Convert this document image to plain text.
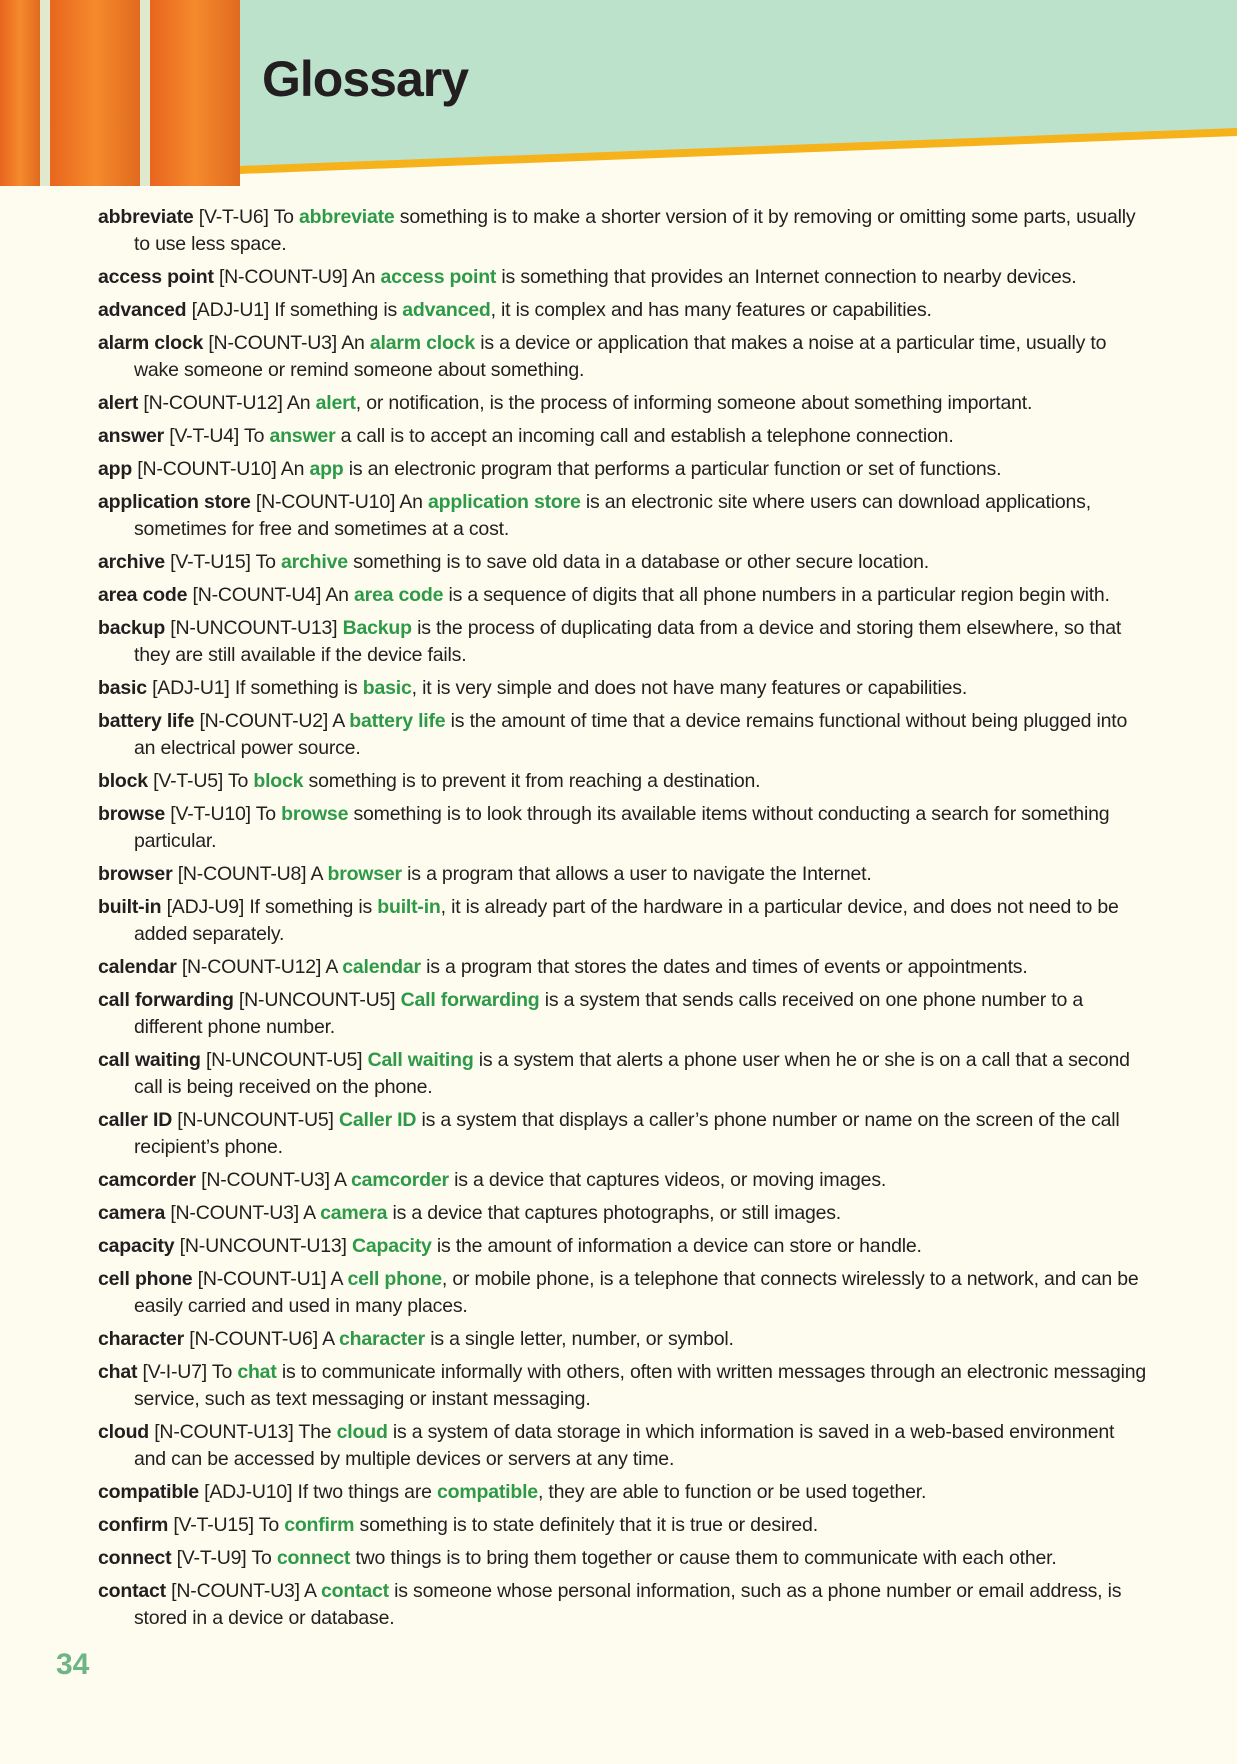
Glossary
abbreviate [V-T-U6] To abbreviate something is to make a shorter version of it by removing or omitting some parts, usually to use less space.
access point [N-COUNT-U9] An access point is something that provides an Internet connection to nearby devices.
advanced [ADJ-U1] If something is advanced, it is complex and has many features or capabilities.
alarm clock [N-COUNT-U3] An alarm clock is a device or application that makes a noise at a particular time, usually to wake someone or remind someone about something.
alert [N-COUNT-U12] An alert, or notification, is the process of informing someone about something important.
answer [V-T-U4] To answer a call is to accept an incoming call and establish a telephone connection.
app [N-COUNT-U10] An app is an electronic program that performs a particular function or set of functions.
application store [N-COUNT-U10] An application store is an electronic site where users can download applications, sometimes for free and sometimes at a cost.
archive [V-T-U15] To archive something is to save old data in a database or other secure location.
area code [N-COUNT-U4] An area code is a sequence of digits that all phone numbers in a particular region begin with.
backup [N-UNCOUNT-U13] Backup is the process of duplicating data from a device and storing them elsewhere, so that they are still available if the device fails.
basic [ADJ-U1] If something is basic, it is very simple and does not have many features or capabilities.
battery life [N-COUNT-U2] A battery life is the amount of time that a device remains functional without being plugged into an electrical power source.
block [V-T-U5] To block something is to prevent it from reaching a destination.
browse [V-T-U10] To browse something is to look through its available items without conducting a search for something particular.
browser [N-COUNT-U8] A browser is a program that allows a user to navigate the Internet.
built-in [ADJ-U9] If something is built-in, it is already part of the hardware in a particular device, and does not need to be added separately.
calendar [N-COUNT-U12] A calendar is a program that stores the dates and times of events or appointments.
call forwarding [N-UNCOUNT-U5] Call forwarding is a system that sends calls received on one phone number to a different phone number.
call waiting [N-UNCOUNT-U5] Call waiting is a system that alerts a phone user when he or she is on a call that a second call is being received on the phone.
caller ID [N-UNCOUNT-U5] Caller ID is a system that displays a caller’s phone number or name on the screen of the call recipient’s phone.
camcorder [N-COUNT-U3] A camcorder is a device that captures videos, or moving images.
camera [N-COUNT-U3] A camera is a device that captures photographs, or still images.
capacity [N-UNCOUNT-U13] Capacity is the amount of information a device can store or handle.
cell phone [N-COUNT-U1] A cell phone, or mobile phone, is a telephone that connects wirelessly to a network, and can be easily carried and used in many places.
character [N-COUNT-U6] A character is a single letter, number, or symbol.
chat [V-I-U7] To chat is to communicate informally with others, often with written messages through an electronic messaging service, such as text messaging or instant messaging.
cloud [N-COUNT-U13] The cloud is a system of data storage in which information is saved in a web-based environment and can be accessed by multiple devices or servers at any time.
compatible [ADJ-U10] If two things are compatible, they are able to function or be used together.
confirm [V-T-U15] To confirm something is to state definitely that it is true or desired.
connect [V-T-U9] To connect two things is to bring them together or cause them to communicate with each other.
contact [N-COUNT-U3] A contact is someone whose personal information, such as a phone number or email address, is stored in a device or database.
34
